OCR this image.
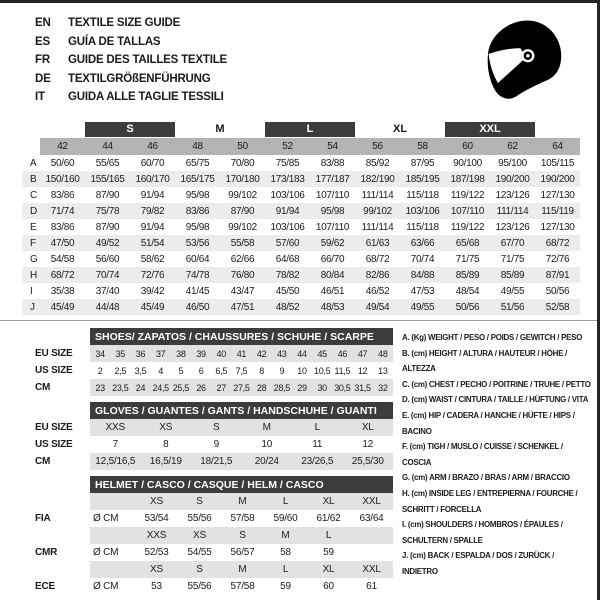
EN	TEXTILE SIZE GUIDE
ES	GUÍA DE TALLAS
FR	GUIDE DES TAILLES TEXTILE
DE	TEXTILGRÖßENFÜHRUNG
IT	GUIDA ALLE TAGLIE TESSILI

		S		M		L		XL		XXL		

	42	44	46	48	50	52	54	56	58	60	62	64
A	50/60	55/65	60/70	65/75	70/80	75/85	83/88	85/92	87/95	90/100	95/100	105/115
B	150/160	155/165	160/170	165/175	170/180	173/183	177/187	182/190	185/195	187/198	190/200	190/200
C	83/86	87/90	91/94	95/98	99/102	103/106	107/110	111/114	115/118	119/122	123/126	127/130
D	71/74	75/78	79/82	83/86	87/90	91/94	95/98	99/102	103/106	107/110	111/114	115/119
E	83/86	87/90	91/94	95/98	99/102	103/106	107/110	111/114	115/118	119/122	123/126	127/130
F	47/50	49/52	51/54	53/56	55/58	57/60	59/62	61/63	63/66	65/68	67/70	68/72
G	54/58	56/60	58/62	60/64	62/66	64/68	66/70	68/72	70/74	71/75	71/75	72/76
H	68/72	70/74	72/76	74/78	76/80	78/82	80/84	82/86	84/88	85/89	85/89	87/91
I	35/38	37/40	39/42	41/45	43/47	45/50	46/51	46/52	47/53	48/54	49/55	50/56
J	45/49	44/48	45/49	46/50	47/51	48/52	48/53	49/54	49/55	50/56	51/56	52/58
	SHOES/ ZAPATOS / CHAUSSURES / SCHUHE / SCARPE														
EU SIZE	34	35	36	37	38	39	40	41	42	43	44	45	46	47	48
US SIZE	2	2,5	3,5	4	5	6	6,5	7,5	8	9	10	10,5	11,5	12	13
CM	23	23,5	24	24,5	25,5	26	27	27,5	28	28,5	29	30	30,5	31,5	32
	GLOVES / GUANTES / GANTS / HANDSCHUHE / GUANTI					
EU SIZE	XXS	XS	S	M	L	XL
US SIZE	7	8	9	10	11	12
CM	12,5/16,5	16,5/19	18/21,5	20/24	23/26,5	25,5/30
	HELMET / CASCO / CASQUE / HELM / CASCO						
		XS	S	M	L	XL	XXL
FIA	Ø CM	53/54	55/56	57/58	59/60	61/62	63/64
		XXS	XS	S	M	L	
CMR	Ø CM	52/53	54/55	56/57	58	59	
		XS	S	M	L	XL	XXL
ECE	Ø CM	53	55/56	57/58	59	60	61
A. (Kg) WEIGHT / PESO / POIDS / GEWITCH / PESO
B. (cm) HEIGHT / ALTURA / HAUTEUR / HÖHE / ALTEZZA
C. (cm) CHEST / PECHO / POITRINE / TRUHE / PETTO
D. (cm) WAIST / CINTURA / TAILLE / HÜFTUNG / VITA
E. (cm) HIP / CADERA / HANCHE / HÜFTE / HIPS / BACINO
F. (cm) TIGH / MUSLO / CUISSE / SCHENKEL / COSCIA
G. (cm) ARM / BRAZO / BRAS / ARM / BRACCIO
H. (cm) INSIDE LEG / ENTREPIERNA / FOURCHE / SCHRITT / FORCELLA
I. (cm) SHOULDERS / HOMBROS / ÉPAULES / SCHULTERN / SPALLE
J. (cm) BACK / ESPALDA / DOS / ZURÜCK / INDIETRO
